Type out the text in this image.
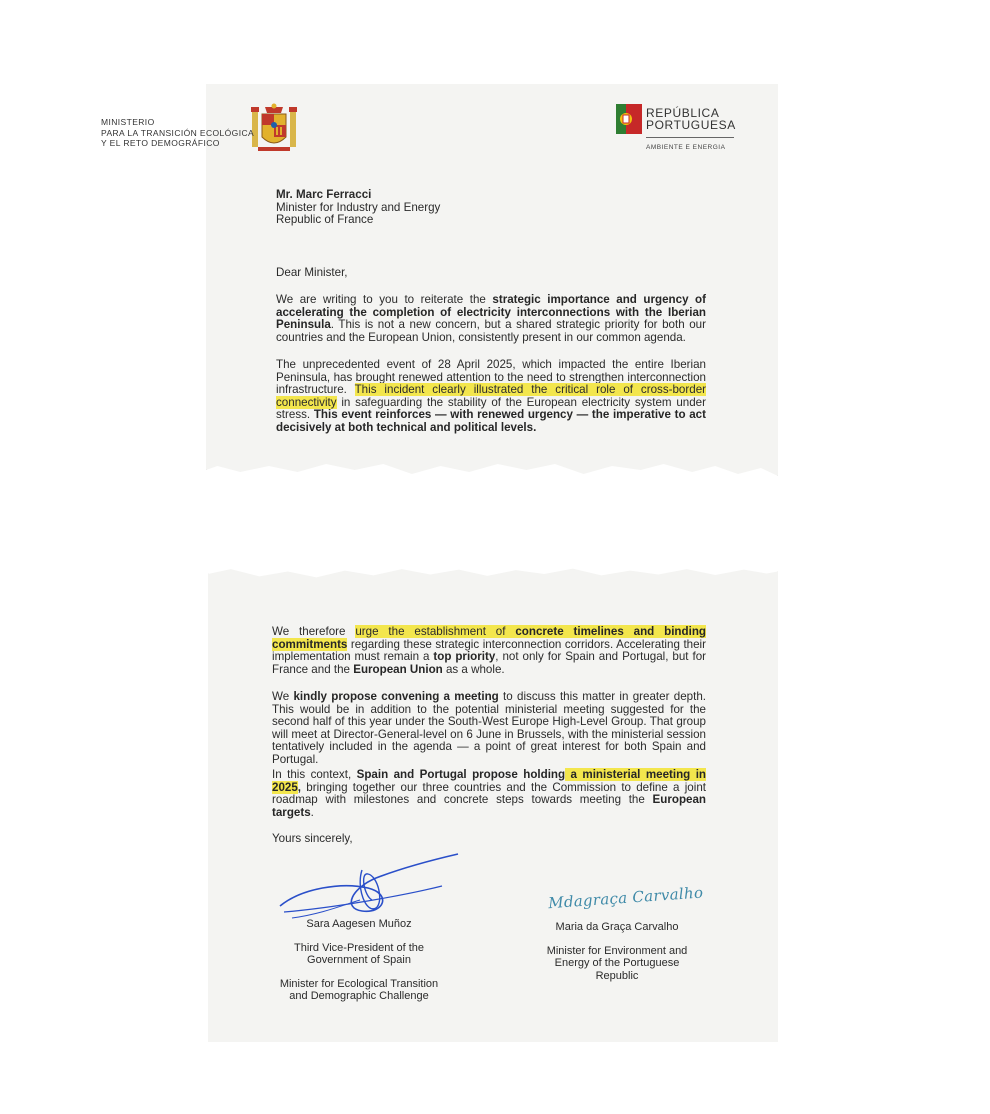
MINISTERIO
PARA LA TRANSICIÓN ECOLÓGICA
Y EL RETO DEMOGRÁFICO
REPÚBLICA
PORTUGUESA
AMBIENTE E ENERGIA
Mr. Marc Ferracci
Minister for Industry and Energy
Republic of France
Dear Minister,
We are writing to you to reiterate the strategic importance and urgency of accelerating the completion of electricity interconnections with the Iberian Peninsula. This is not a new concern, but a shared strategic priority for both our countries and the European Union, consistently present in our common agenda.
The unprecedented event of 28 April 2025, which impacted the entire Iberian Peninsula, has brought renewed attention to the need to strengthen interconnection infrastructure. This incident clearly illustrated the critical role of cross-border connectivity in safeguarding the stability of the European electricity system under stress. This event reinforces — with renewed urgency — the imperative to act decisively at both technical and political levels.
We therefore urge the establishment of concrete timelines and binding commitments regarding these strategic interconnection corridors. Accelerating their implementation must remain a top priority, not only for Spain and Portugal, but for France and the European Union as a whole.
We kindly propose convening a meeting to discuss this matter in greater depth. This would be in addition to the potential ministerial meeting suggested for the second half of this year under the South-West Europe High-Level Group. That group will meet at Director-General-level on 6 June in Brussels, with the ministerial session tentatively included in the agenda — a point of great interest for both Spain and Portugal.
In this context, Spain and Portugal propose holding a ministerial meeting in 2025, bringing together our three countries and the Commission to define a joint roadmap with milestones and concrete steps towards meeting the European targets.
Yours sincerely,
Sara Aagesen Muñoz
Third Vice-President of the
Government of Spain
Minister for Ecological Transition
and Demographic Challenge
Mdagraça Carvalho
Maria da Graça Carvalho
Minister for Environment and
Energy of the Portuguese
Republic
